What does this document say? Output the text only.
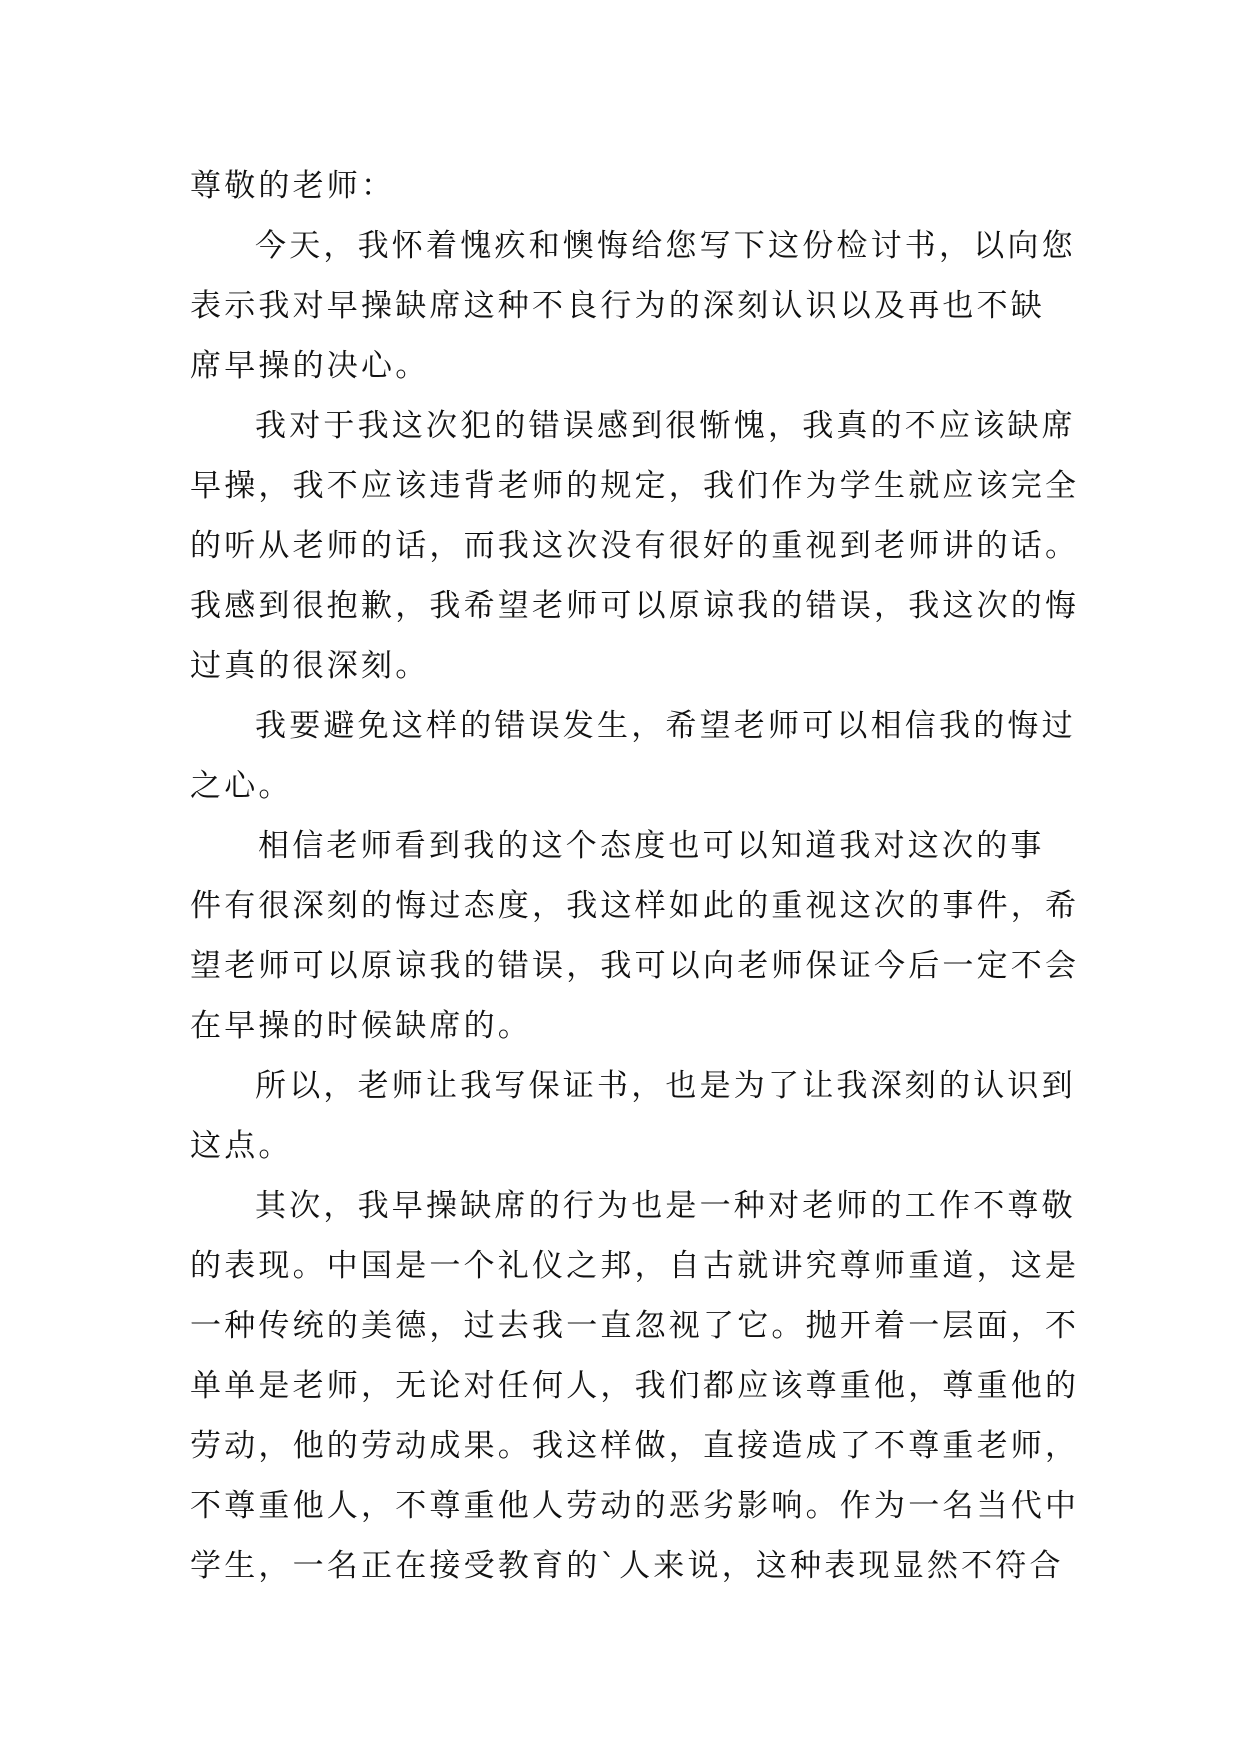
尊敬的老师：
今天，我怀着愧疚和懊悔给您写下这份检讨书，以向您
表示我对早操缺席这种不良行为的深刻认识以及再也不缺
席早操的决心。
我对于我这次犯的错误感到很惭愧，我真的不应该缺席
早操，我不应该违背老师的规定，我们作为学生就应该完全
的听从老师的话，而我这次没有很好的重视到老师讲的话。
我感到很抱歉，我希望老师可以原谅我的错误，我这次的悔
过真的很深刻。
我要避免这样的错误发生，希望老师可以相信我的悔过
之心。
相信老师看到我的这个态度也可以知道我对这次的事
件有很深刻的悔过态度，我这样如此的重视这次的事件，希
望老师可以原谅我的错误，我可以向老师保证今后一定不会
在早操的时候缺席的。
所以，老师让我写保证书，也是为了让我深刻的认识到
这点。
其次，我早操缺席的行为也是一种对老师的工作不尊敬
的表现。中国是一个礼仪之邦，自古就讲究尊师重道，这是
一种传统的美德，过去我一直忽视了它。抛开着一层面，不
单单是老师，无论对任何人，我们都应该尊重他，尊重他的
劳动，他的劳动成果。我这样做，直接造成了不尊重老师，
不尊重他人，不尊重他人劳动的恶劣影响。作为一名当代中
学生，一名正在接受教育的`人来说，这种表现显然不符合
